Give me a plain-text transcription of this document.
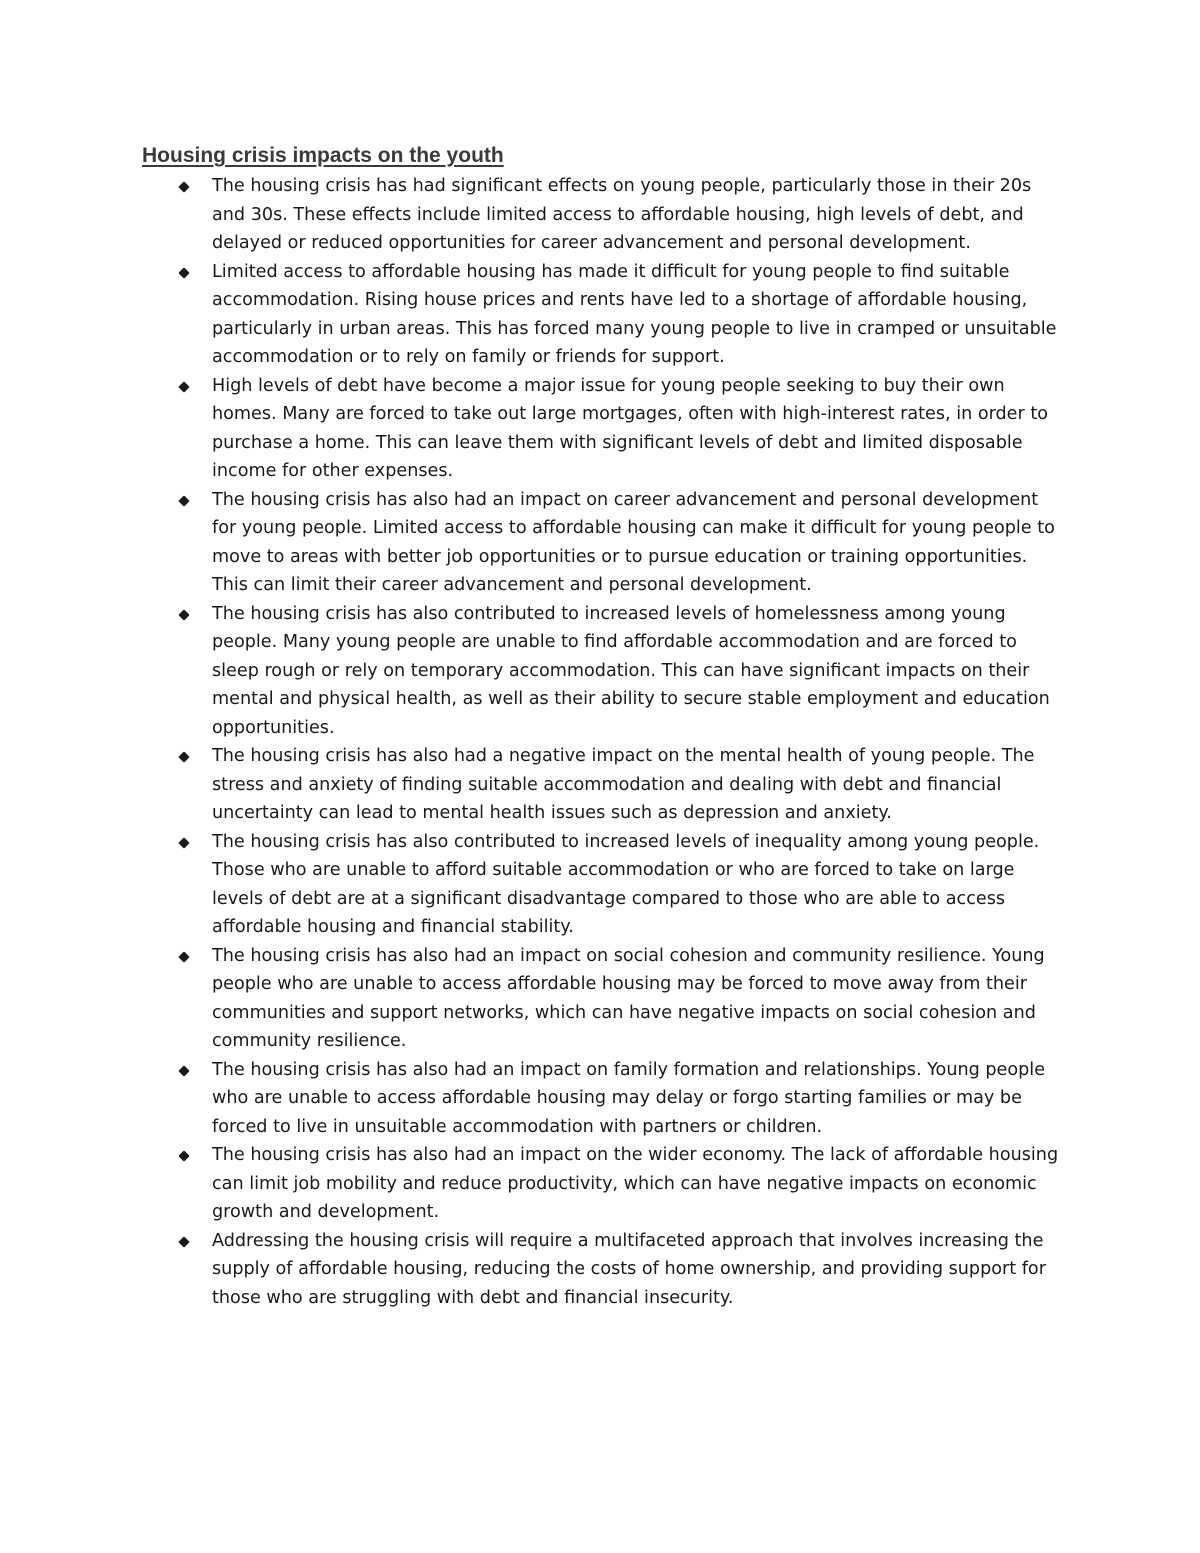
Housing crisis impacts on the youth
The housing crisis has had significant effects on young people, particularly those in their 20s and 30s. These effects include limited access to affordable housing, high levels of debt, and delayed or reduced opportunities for career advancement and personal development.
Limited access to affordable housing has made it difficult for young people to find suitable accommodation. Rising house prices and rents have led to a shortage of affordable housing, particularly in urban areas. This has forced many young people to live in cramped or unsuitable accommodation or to rely on family or friends for support.
High levels of debt have become a major issue for young people seeking to buy their own homes. Many are forced to take out large mortgages, often with high-interest rates, in order to purchase a home. This can leave them with significant levels of debt and limited disposable income for other expenses.
The housing crisis has also had an impact on career advancement and personal development for young people. Limited access to affordable housing can make it difficult for young people to move to areas with better job opportunities or to pursue education or training opportunities. This can limit their career advancement and personal development.
The housing crisis has also contributed to increased levels of homelessness among young people. Many young people are unable to find affordable accommodation and are forced to sleep rough or rely on temporary accommodation. This can have significant impacts on their mental and physical health, as well as their ability to secure stable employment and education opportunities.
The housing crisis has also had a negative impact on the mental health of young people. The stress and anxiety of finding suitable accommodation and dealing with debt and financial uncertainty can lead to mental health issues such as depression and anxiety.
The housing crisis has also contributed to increased levels of inequality among young people. Those who are unable to afford suitable accommodation or who are forced to take on large levels of debt are at a significant disadvantage compared to those who are able to access affordable housing and financial stability.
The housing crisis has also had an impact on social cohesion and community resilience. Young people who are unable to access affordable housing may be forced to move away from their communities and support networks, which can have negative impacts on social cohesion and community resilience.
The housing crisis has also had an impact on family formation and relationships. Young people who are unable to access affordable housing may delay or forgo starting families or may be forced to live in unsuitable accommodation with partners or children.
The housing crisis has also had an impact on the wider economy. The lack of affordable housing can limit job mobility and reduce productivity, which can have negative impacts on economic growth and development.
Addressing the housing crisis will require a multifaceted approach that involves increasing the supply of affordable housing, reducing the costs of home ownership, and providing support for those who are struggling with debt and financial insecurity.
